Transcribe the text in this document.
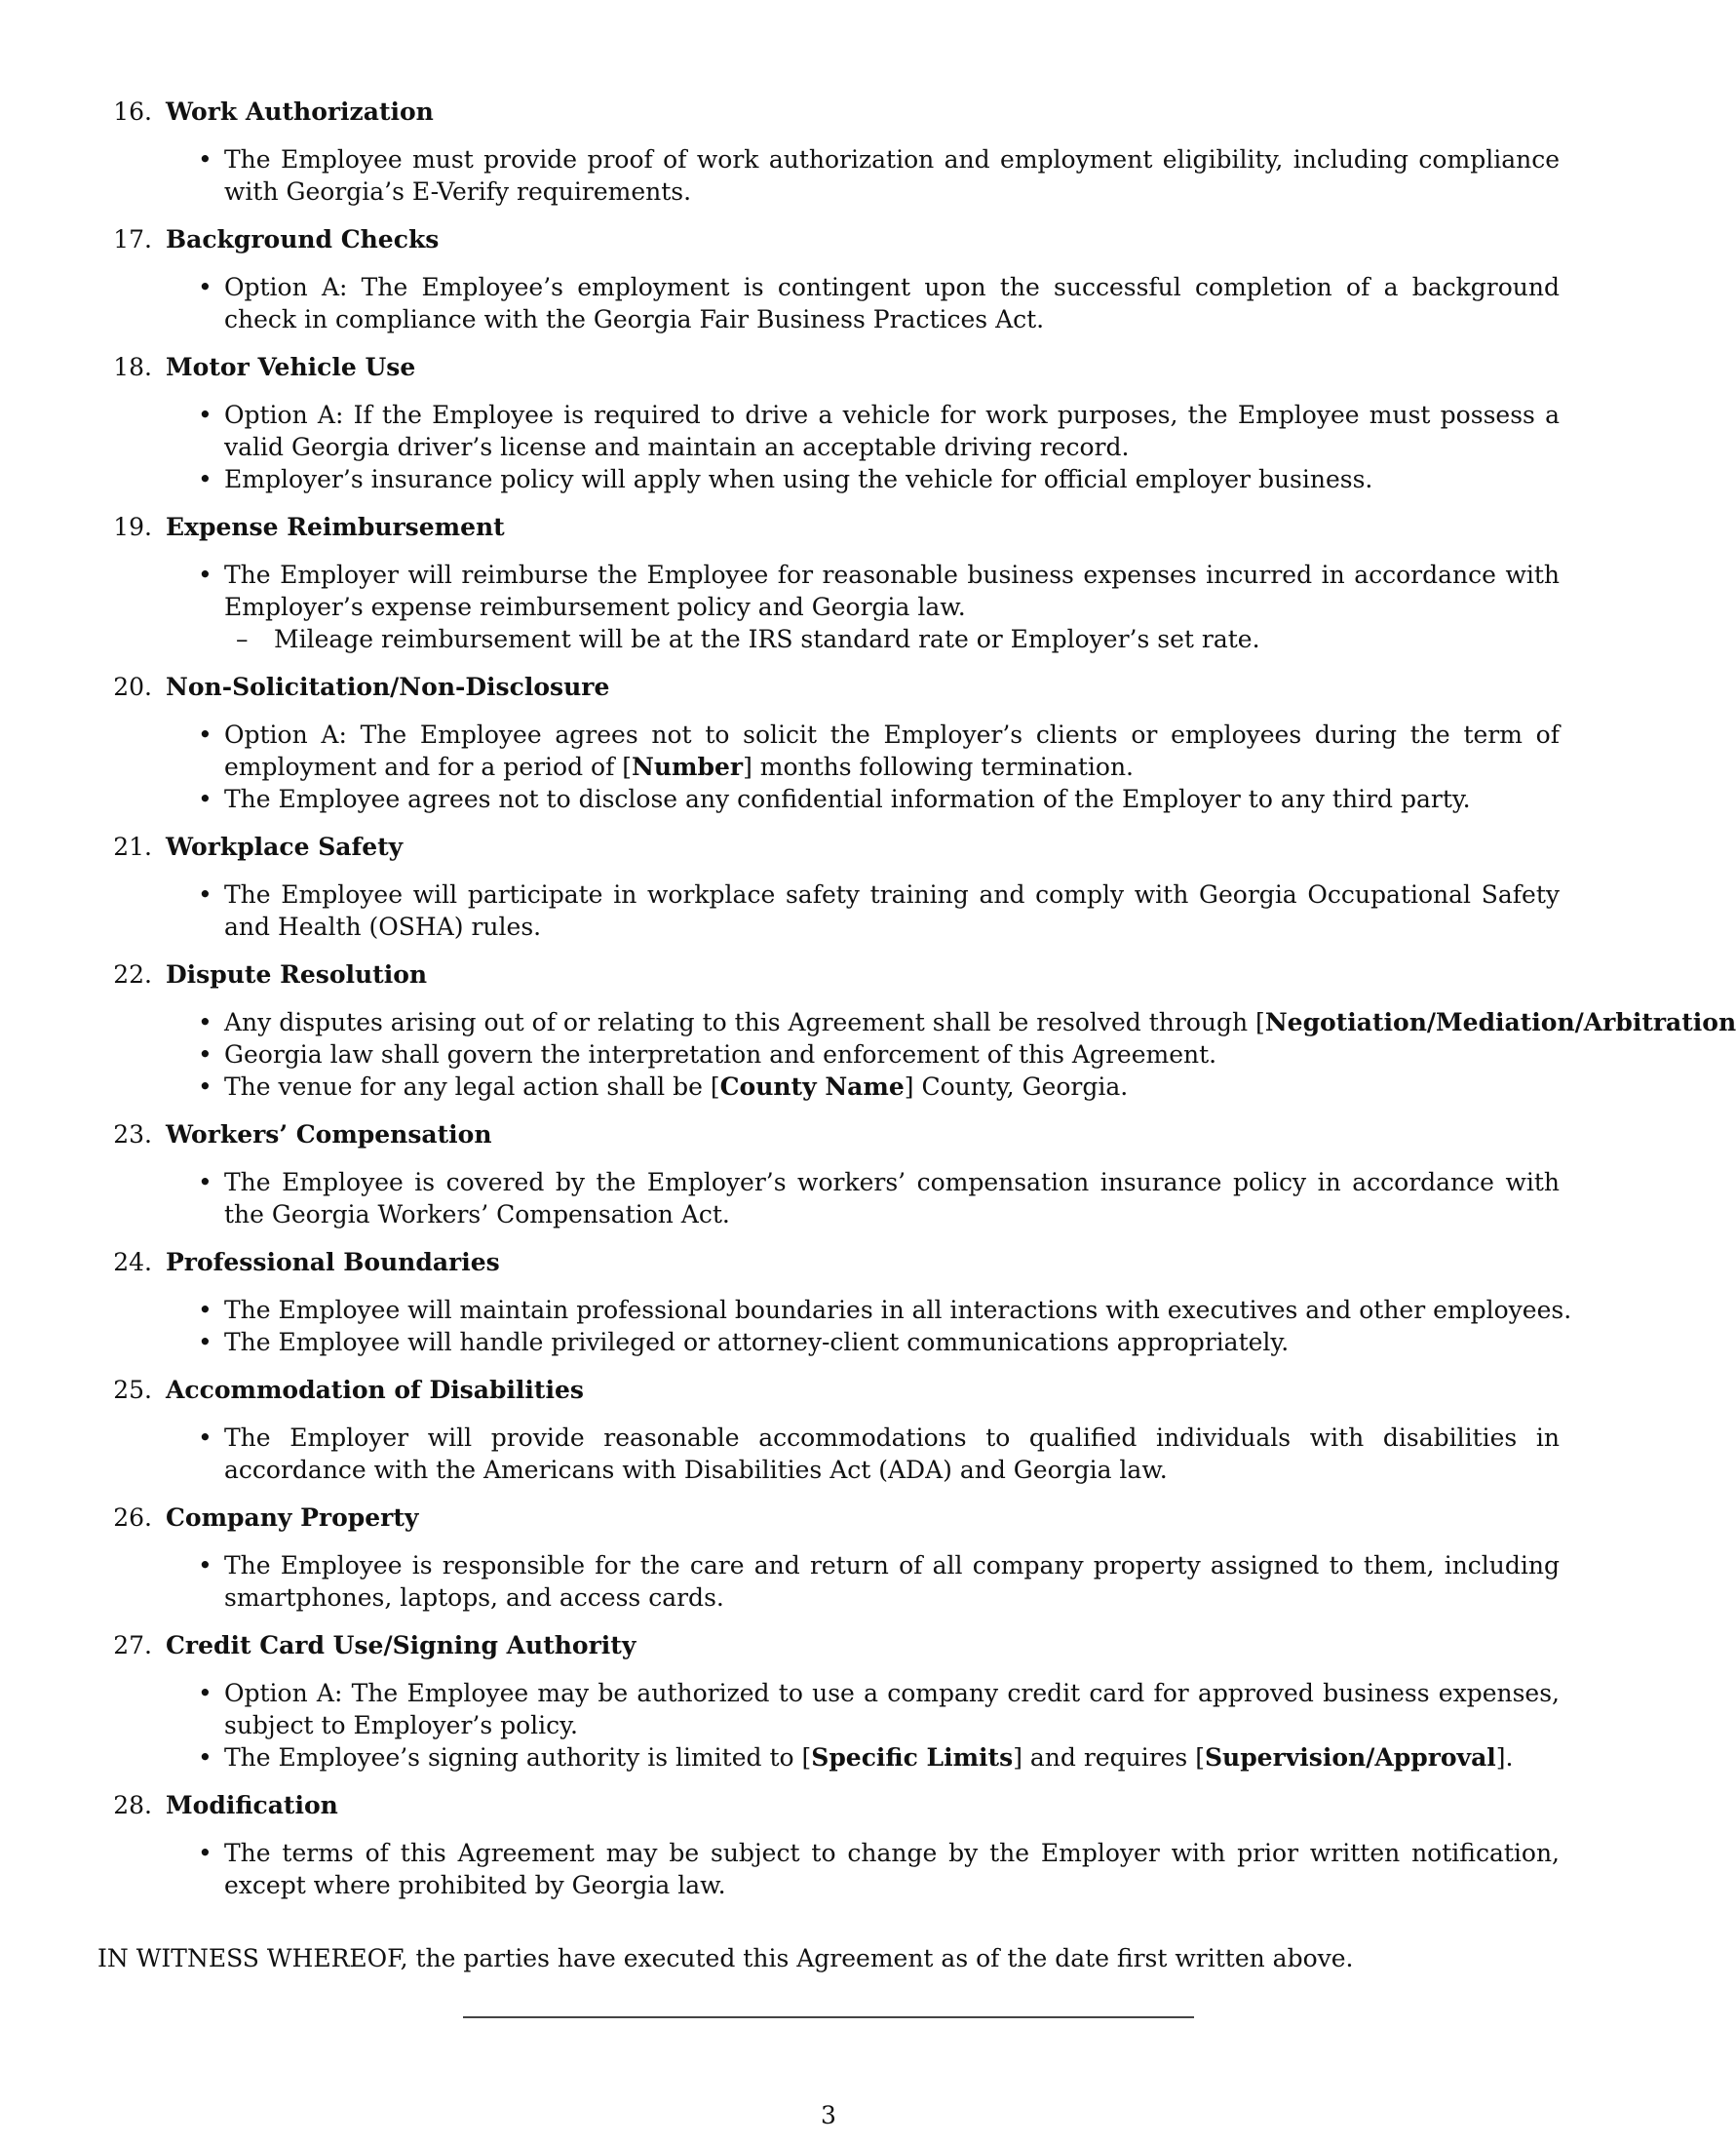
16. Work Authorization
• The Employee must provide proof of work authorization and employment eligibility, including compliance with Georgia’s E-Verify requirements.
17. Background Checks
• Option A: The Employee’s employment is contingent upon the successful completion of a background check in compliance with the Georgia Fair Business Practices Act.
18. Motor Vehicle Use
• Option A: If the Employee is required to drive a vehicle for work purposes, the Employee must possess a valid Georgia driver’s license and maintain an acceptable driving record.
• Employer’s insurance policy will apply when using the vehicle for official employer business.
19. Expense Reimbursement
• The Employer will reimburse the Employee for reasonable business expenses incurred in accordance with Employer’s expense reimbursement policy and Georgia law.
– Mileage reimbursement will be at the IRS standard rate or Employer’s set rate.
20. Non-Solicitation/Non-Disclosure
• Option A: The Employee agrees not to solicit the Employer’s clients or employees during the term of employment and for a period of [Number] months following termination.
• The Employee agrees not to disclose any confidential information of the Employer to any third party.
21. Workplace Safety
• The Employee will participate in workplace safety training and comply with Georgia Occupational Safety and Health (OSHA) rules.
22. Dispute Resolution
• Any disputes arising out of or relating to this Agreement shall be resolved through [Negotiation/Mediation/Arbitration
• Georgia law shall govern the interpretation and enforcement of this Agreement.
• The venue for any legal action shall be [County Name] County, Georgia.
23. Workers’ Compensation
• The Employee is covered by the Employer’s workers’ compensation insurance policy in accordance with the Georgia Workers’ Compensation Act.
24. Professional Boundaries
• The Employee will maintain professional boundaries in all interactions with executives and other employees.
• The Employee will handle privileged or attorney-client communications appropriately.
25. Accommodation of Disabilities
• The Employer will provide reasonable accommodations to qualified individuals with disabilities in accordance with the Americans with Disabilities Act (ADA) and Georgia law.
26. Company Property
• The Employee is responsible for the care and return of all company property assigned to them, including smartphones, laptops, and access cards.
27. Credit Card Use/Signing Authority
• Option A: The Employee may be authorized to use a company credit card for approved business expenses, subject to Employer’s policy.
• The Employee’s signing authority is limited to [Specific Limits] and requires [Supervision/Approval].
28. Modification
• The terms of this Agreement may be subject to change by the Employer with prior written notification, except where prohibited by Georgia law.
IN WITNESS WHEREOF, the parties have executed this Agreement as of the date first written above.
3
